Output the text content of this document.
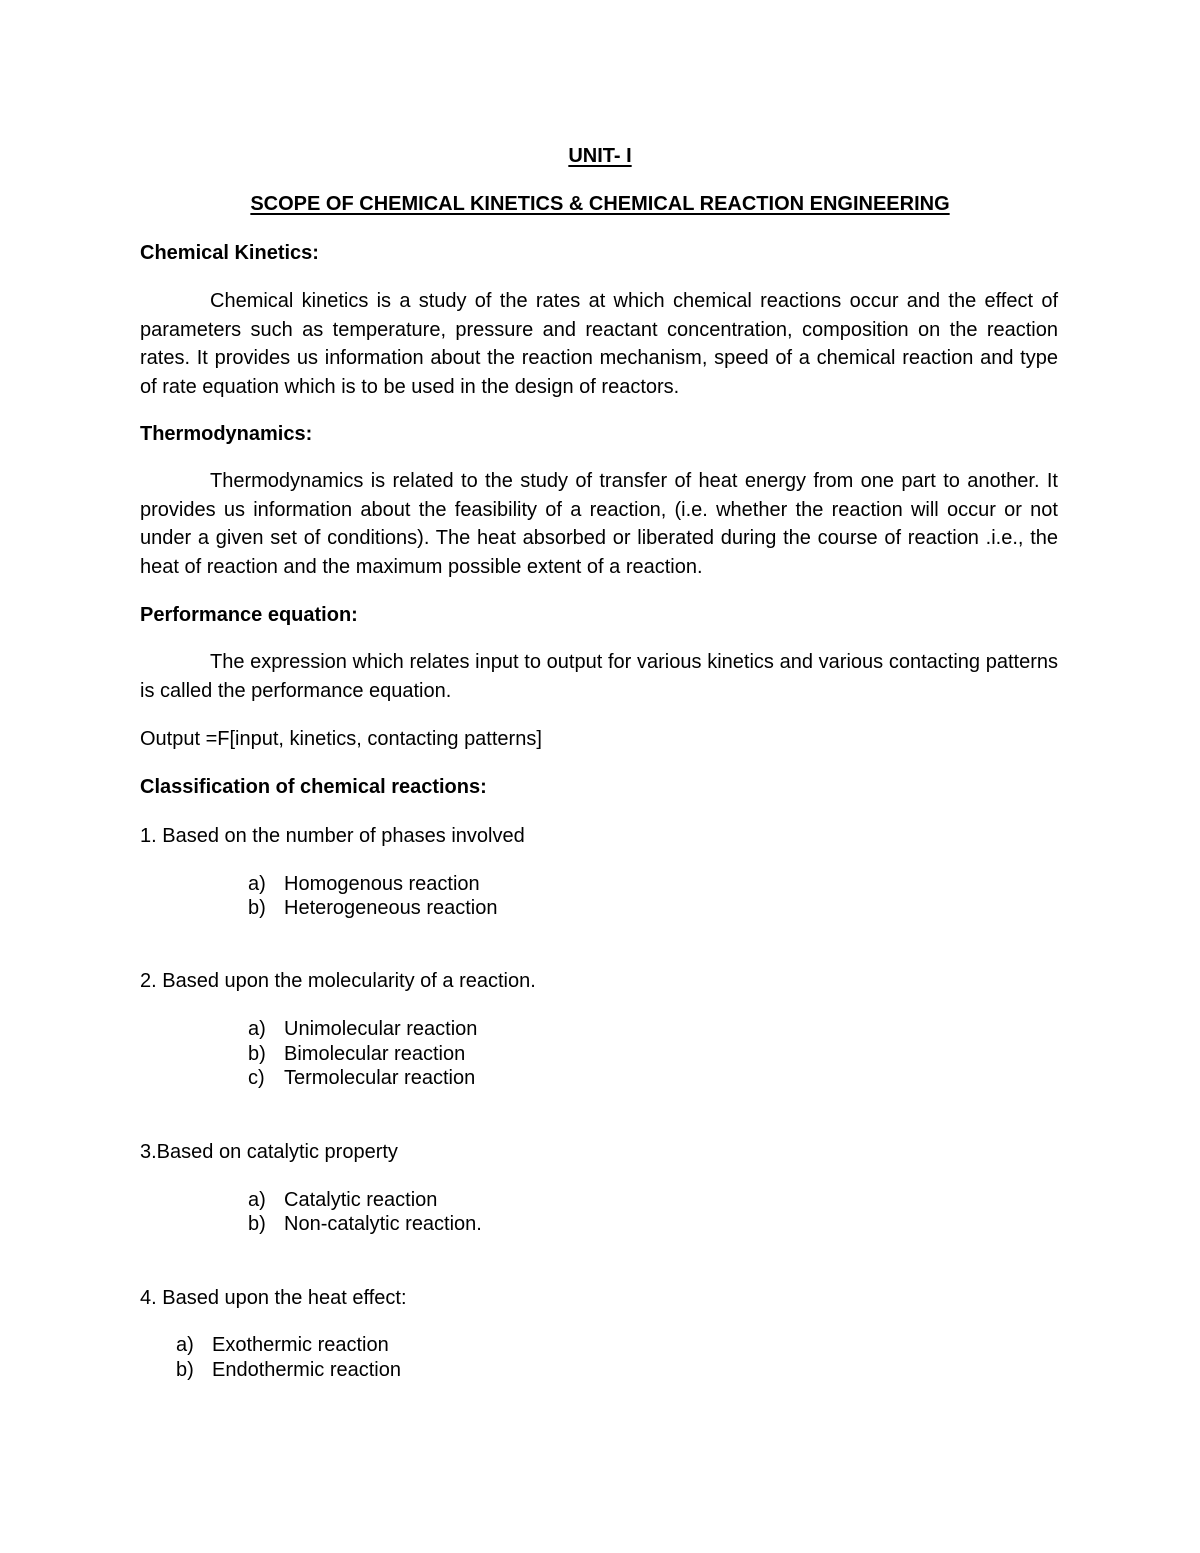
UNIT- I

SCOPE OF CHEMICAL KINETICS & CHEMICAL REACTION ENGINEERING

Chemical Kinetics:

Chemical kinetics is a study of the rates at which chemical reactions occur and the effect of parameters such as temperature, pressure and reactant concentration, composition on the reaction rates. It provides us information about the reaction mechanism, speed of a chemical reaction and type of rate equation which is to be used in the design of reactors.

Thermodynamics:

Thermodynamics is related to the study of transfer of heat energy from one part to another. It provides us information about the feasibility of a reaction, (i.e. whether the reaction will occur or not under a given set of conditions). The heat absorbed or liberated during the course of reaction .i.e., the heat of reaction and the maximum possible extent of a reaction.

Performance equation:

The expression which relates input to output for various kinetics and various contacting patterns is called the performance equation.

Output =F[input, kinetics, contacting patterns]

Classification of chemical reactions:

1. Based on the number of phases involved

a) Homogenous reaction

b) Heterogeneous reaction

2. Based upon the molecularity of a reaction.

a) Unimolecular reaction

b) Bimolecular reaction

c) Termolecular reaction

3.Based on catalytic property

a) Catalytic reaction

b) Non-catalytic reaction.

4. Based upon the heat effect:

a) Exothermic reaction

b) Endothermic reaction
